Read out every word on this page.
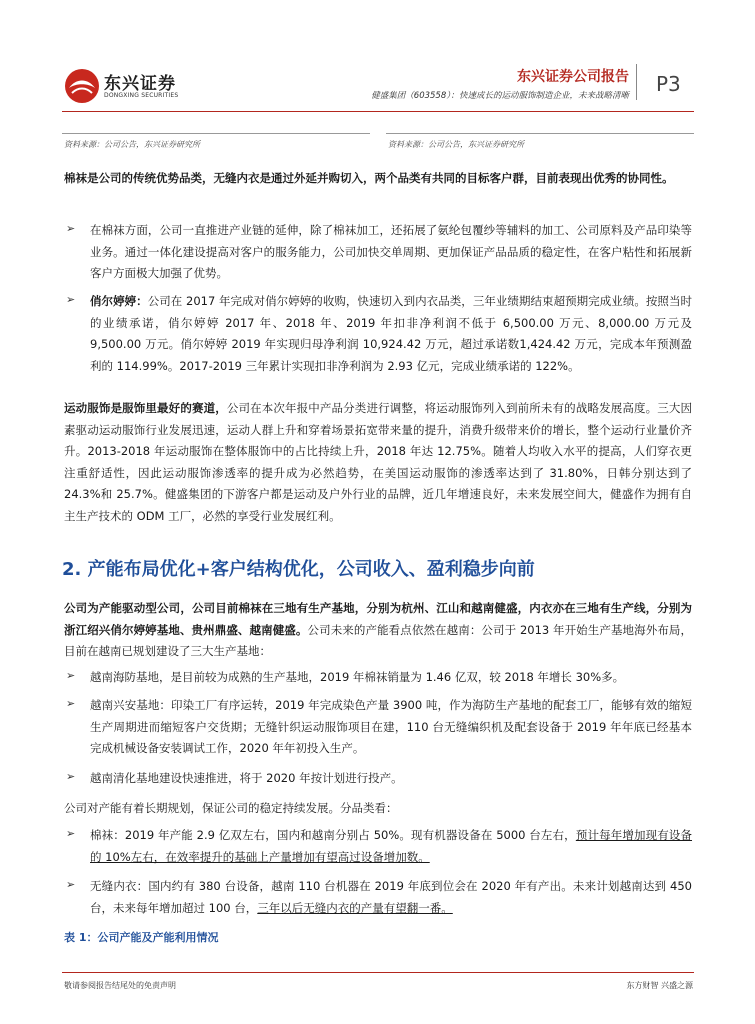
东兴证券
DONGXING SECURITIES
东兴证券公司报告
健盛集团（603558）：快速成长的运动服饰制造企业，未来战略清晰 P3
资料来源：公司公告，东兴证券研究所	资料来源：公司公告，东兴证券研究所
棉袜是公司的传统优势品类，无缝内衣是通过外延并购切入，两个品类有共同的目标客户群，目前表现出优秀的协同性。
➢ 在棉袜方面，公司一直推进产业链的延伸，除了棉袜加工，还拓展了氨纶包覆纱等辅料的加工、公司原料及产品印染等业务。通过一体化建设提高对客户的服务能力，公司加快交单周期、更加保证产品品质的稳定性，在客户粘性和拓展新客户方面极大加强了优势。
➢ 俏尔婷婷：公司在 2017 年完成对俏尔婷婷的收购，快速切入到内衣品类，三年业绩期结束超预期完成业绩。按照当时的业绩承诺，俏尔婷婷 2017 年、2018 年、2019 年扣非净利润不低于 6,500.00 万元、8,000.00 万元及 9,500.00 万元。俏尔婷婷 2019 年实现归母净利润 10,924.42 万元，超过承诺数1,424.42 万元，完成本年预测盈利的 114.99%。2017-2019 三年累计实现扣非净利润为 2.93 亿元，完成业绩承诺的 122%。
运动服饰是服饰里最好的赛道，公司在本次年报中产品分类进行调整，将运动服饰列入到前所未有的战略发展高度。三大因素驱动运动服饰行业发展迅速，运动人群上升和穿着场景拓宽带来量的提升，消费升级带来价的增长，整个运动行业量价齐升。2013-2018 年运动服饰在整体服饰中的占比持续上升，2018 年达 12.75%。随着人均收入水平的提高，人们穿衣更注重舒适性，因此运动服饰渗透率的提升成为必然趋势，在美国运动服饰的渗透率达到了 31.80%，日韩分别达到了 24.3%和 25.7%。健盛集团的下游客户都是运动及户外行业的品牌，近几年增速良好，未来发展空间大，健盛作为拥有自主生产技术的 ODM 工厂，必然的享受行业发展红利。
2. 产能布局优化+客户结构优化，公司收入、盈利稳步向前
公司为产能驱动型公司，公司目前棉袜在三地有生产基地，分别为杭州、江山和越南健盛，内衣亦在三地有生产线，分别为浙江绍兴俏尔婷婷基地、贵州鼎盛、越南健盛。公司未来的产能看点依然在越南：公司于 2013 年开始生产基地海外布局，目前在越南已规划建设了三大生产基地：
➢ 越南海防基地，是目前较为成熟的生产基地，2019 年棉袜销量为 1.46 亿双，较 2018 年增长 30%多。
➢ 越南兴安基地：印染工厂有序运转，2019 年完成染色产量 3900 吨，作为海防生产基地的配套工厂，能够有效的缩短生产周期进而缩短客户交货期；无缝针织运动服饰项目在建，110 台无缝编织机及配套设备于 2019 年年底已经基本完成机械设备安装调试工作，2020 年年初投入生产。
➢ 越南清化基地建设快速推进，将于 2020 年按计划进行投产。
公司对产能有着长期规划，保证公司的稳定持续发展。分品类看：
➢ 棉袜：2019 年产能 2.9 亿双左右，国内和越南分别占 50%。现有机器设备在 5000 台左右，预计每年增加现有设备的 10%左右，在效率提升的基础上产量增加有望高过设备增加数。
➢ 无缝内衣：国内约有 380 台设备，越南 110 台机器在 2019 年底到位会在 2020 年有产出。未来计划越南达到 450 台，未来每年增加超过 100 台，三年以后无缝内衣的产量有望翻一番。
表 1：公司产能及产能利用情况
敬请参阅报告结尾处的免责声明	东方财智 兴盛之源
